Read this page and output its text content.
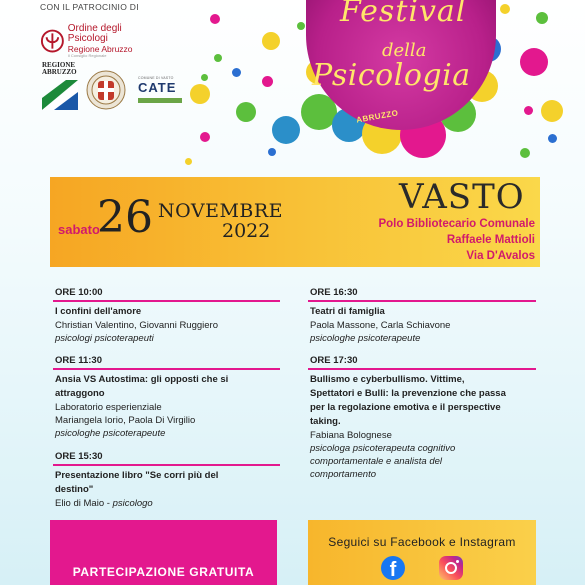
CON IL PATROCINIO DI
Ordine degli Psicologi
Regione Abruzzo
Il Consiglio Regionale
REGIONE
ABRUZZO
COMUNE DI VASTO
CATE
Festival
della
Psicologia
ABRUZZO
sabato
26 NOVEMBRE
2022
VASTO
Polo Bibliotecario Comunale
Raffaele Mattioli
Via D'Avalos
ORE 10:00
I confini dell'amore
Christian Valentino, Giovanni Ruggiero
psicologi psicoterapeuti
ORE 11:30
Ansia VS Autostima: gli opposti che si
attraggono
Laboratorio esperienziale
Mariangela Iorio, Paola Di Virgilio
psicologhe psicoterapeute
ORE 15:30
Presentazione libro "Se corri più del
destino"
Elio di Maio - psicologo
ORE 16:30
Teatri di famiglia
Paola Massone, Carla Schiavone
psicologhe psicoterapeute
ORE 17:30
Bullismo e cyberbullismo. Vittime,
Spettatori e Bulli: la prevenzione che passa
per la regolazione emotiva e il perspective
taking.
Fabiana Bolognese
psicologa psicoterapeuta cognitivo
comportamentale e analista del
comportamento
PARTECIPAZIONE GRATUITA
Seguici su Facebook e Instagram
f
